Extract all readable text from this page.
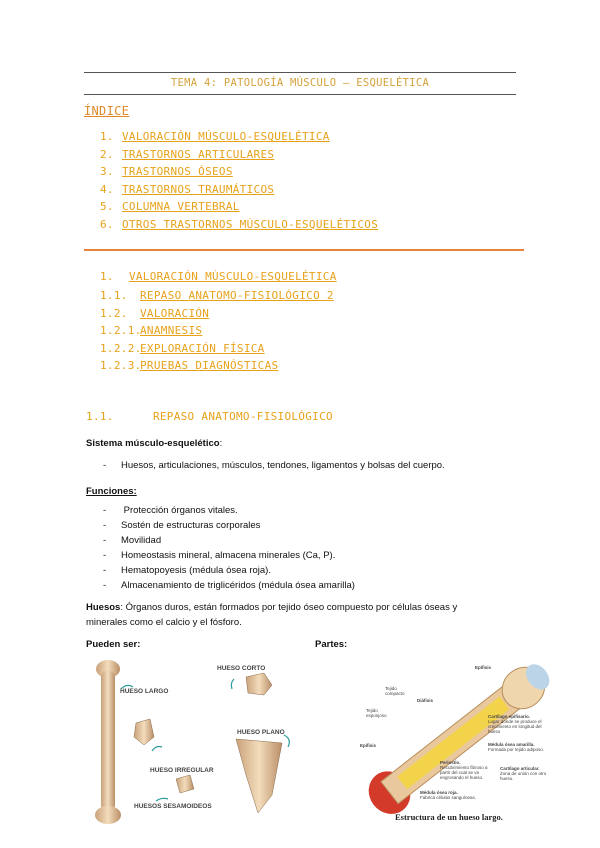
TEMA 4: PATOLOGÍA MÚSCULO – ESQUELÉTICA
ÍNDICE
1. VALORACIÓN MÚSCULO-ESQUELÉTICA
2. TRASTORNOS ARTICULARES
3. TRASTORNOS ÓSEOS
4. TRASTORNOS TRAUMÁTICOS
5. COLUMNA VERTEBRAL
6. OTROS TRASTORNOS MÚSCULO-ESQUELÉTICOS
1. VALORACIÓN MÚSCULO-ESQUELÉTICA
1.1. REPASO ANATOMO-FISIOLÓGICO 2
1.2. VALORACIÓN
1.2.1.ANAMNESIS
1.2.2.EXPLORACIÓN FÍSICA
1.2.3.PRUEBAS DIAGNÓSTICAS
1.1.	REPASO ANATOMO-FISIOLÓGICO
Sistema músculo-esquelético:
- Huesos, articulaciones, músculos, tendones, ligamentos y bolsas del cuerpo.
Funciones:
- Protección órganos vitales.
- Sostén de estructuras corporales
- Movilidad
- Homeostasis mineral, almacena minerales (Ca, P).
- Hematopoyesis (médula ósea roja).
- Almacenamiento de triglicéridos (médula ósea amarilla)
Huesos: Órganos duros, están formados por tejido óseo compuesto por células óseas y
minerales como el calcio y el fósforo.
Pueden ser:	Partes:
HUESO LARGO
HUESO CORTO
HUESO PLANO
HUESO IRREGULAR
HUESOS SESAMOIDEOS
Epífisis
Tejido compacto
Diáfisis
Tejido esponjoso	Cartílago epifisario.
Lugar donde se produce el crecimiento en longitud del hueso
Médula ósea amarilla.
Formada por tejido adiposo.
Epífisis
Periostio.
Recubrimiento fibroso a partir del cual se va engrosando el hueso.
Cartílago articular.
Zona de unión con otro hueso.
Médula ósea roja.
Fabrica células sanguíneas.
Estructura de un hueso largo.
